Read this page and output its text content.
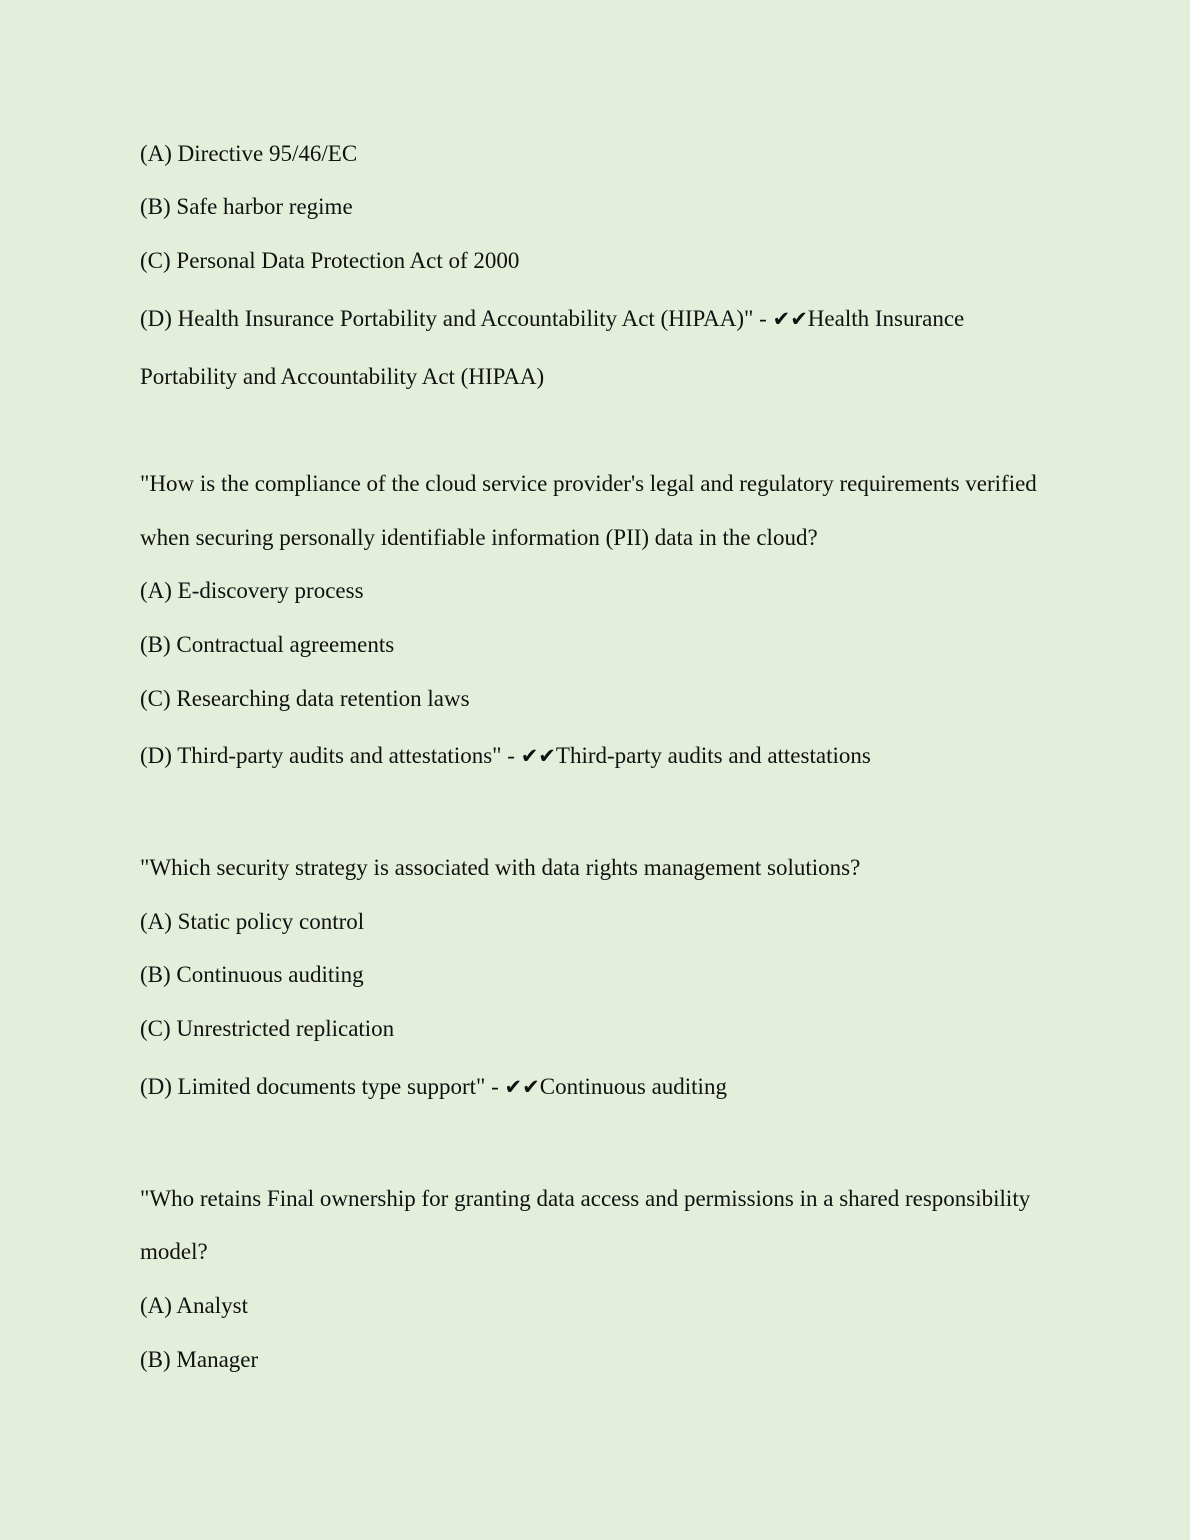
(A) Directive 95/46/EC
(B) Safe harbor regime
(C) Personal Data Protection Act of 2000
(D) Health Insurance Portability and Accountability Act (HIPAA)" - ✔✔Health Insurance
Portability and Accountability Act (HIPAA)
"How is the compliance of the cloud service provider's legal and regulatory requirements verified
when securing personally identifiable information (PII) data in the cloud?
(A) E-discovery process
(B) Contractual agreements
(C) Researching data retention laws
(D) Third-party audits and attestations" - ✔✔Third-party audits and attestations
"Which security strategy is associated with data rights management solutions?
(A) Static policy control
(B) Continuous auditing
(C) Unrestricted replication
(D) Limited documents type support" - ✔✔Continuous auditing
"Who retains Final ownership for granting data access and permissions in a shared responsibility
model?
(A) Analyst
(B) Manager
